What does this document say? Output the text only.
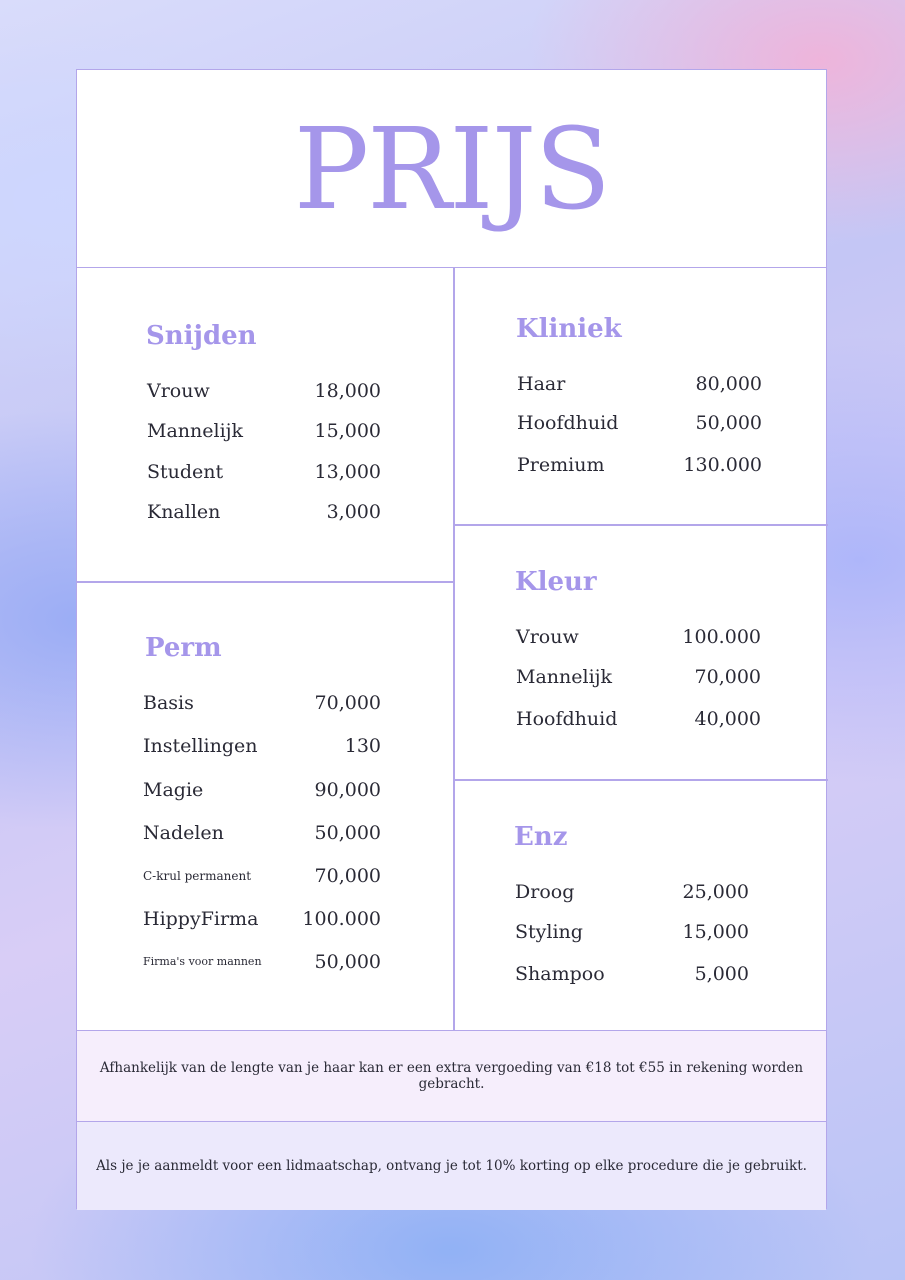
PRIJS
Snijden
Vrouw	18,000
Mannelijk	15,000
Student	13,000
Knallen	3,000
Kliniek
Haar	80,000
Hoofdhuid	50,000
Premium	130.000
Kleur
Vrouw	100.000
Mannelijk	70,000
Hoofdhuid	40,000
Perm
Basis	70,000
Instellingen	130
Magie	90,000
Nadelen	50,000
C-krul permanent	70,000
HippyFirma 100.000
Firma's voor mannen	50,000
Enz
Droog	25,000
Styling	15,000
Shampoo	5,000
Afhankelijk van de lengte van je haar kan er een extra vergoeding van €18 tot €55 in rekening worden gebracht.
Als je je aanmeldt voor een lidmaatschap, ontvang je tot 10% korting op elke procedure die je gebruikt.
